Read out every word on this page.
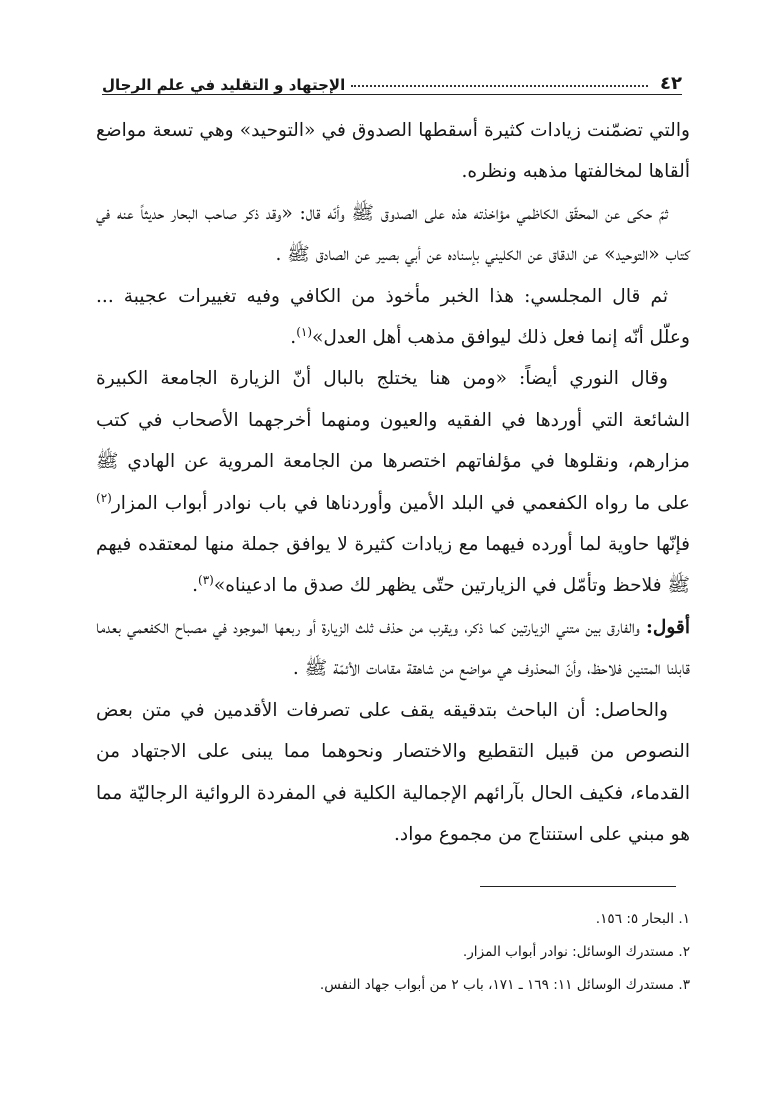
٤٢
الإجتهاد و التقليد في علم الرجال

والتي تضمّنت زيادات كثيرة أسقطها الصدوق في «التوحيد» وهي تسعة مواضع ألقاها لمخالفتها مذهبه ونظره.

ثمّ حكى عن المحقّق الكاظمي مؤاخذته هذه على الصدوق ﷺ وأنّه قال: «وقد ذكر صاحب البحار حديثاً عنه في كتاب «التوحيد» عن الدقاق عن الكليني بإسناده عن أبي بصير عن الصادق ﷺ .

ثم قال المجلسي: هذا الخبر مأخوذ من الكافي وفيه تغييرات عجيبة ... وعلّل أنّه إنما فعل ذلك ليوافق مذهب أهل العدل»$^{(١)}$.

وقال النوري أيضاً: «ومن هنا يختلج بالبال أنّ الزيارة الجامعة الكبيرة الشائعة التي أوردها في الفقيه والعيون ومنهما أخرجهما الأصحاب في كتب مزارهم، ونقلوها في مؤلفاتهم اختصرها من الجامعة المروية عن الهادي ﷺ على ما رواه الكفعمي في البلد الأمين وأوردناها في باب نوادر أبواب المزار$^{(٢)}$ فإنّها حاوية لما أورده فيهما مع زيادات كثيرة لا يوافق جملة منها لمعتقده فيهم ﷺ فلاحظ وتأمّل في الزيارتين حتّى يظهر لك صدق ما ادعيناه»$^{(٣)}$.

أقول: والفارق بين متني الزيارتين كما ذكر، ويقرب من حذف ثلث الزيارة أو ربعها الموجود في مصباح الكفعمي بعدما قابلنا المتنين فلاحظ، وأنّ المحذوف هي مواضع من شاهقة مقامات الأئمّة ﷺ .

والحاصل: أن الباحث بتدقيقه يقف على تصرفات الأقدمين في متن بعض النصوص من قبيل التقطيع والاختصار ونحوهما مما يبنى على الاجتهاد من القدماء، فكيف الحال بآرائهم الإجمالية الكلية في المفردة الروائية الرجاليّة مما هو مبني على استنتاج من مجموع مواد.

١. البحار ٥: ١٥٦.

٢. مستدرك الوسائل: نوادر أبواب المزار.

٣. مستدرك الوسائل ١١: ١٦٩ ـ ١٧١، باب ٢ من أبواب جهاد النفس.
